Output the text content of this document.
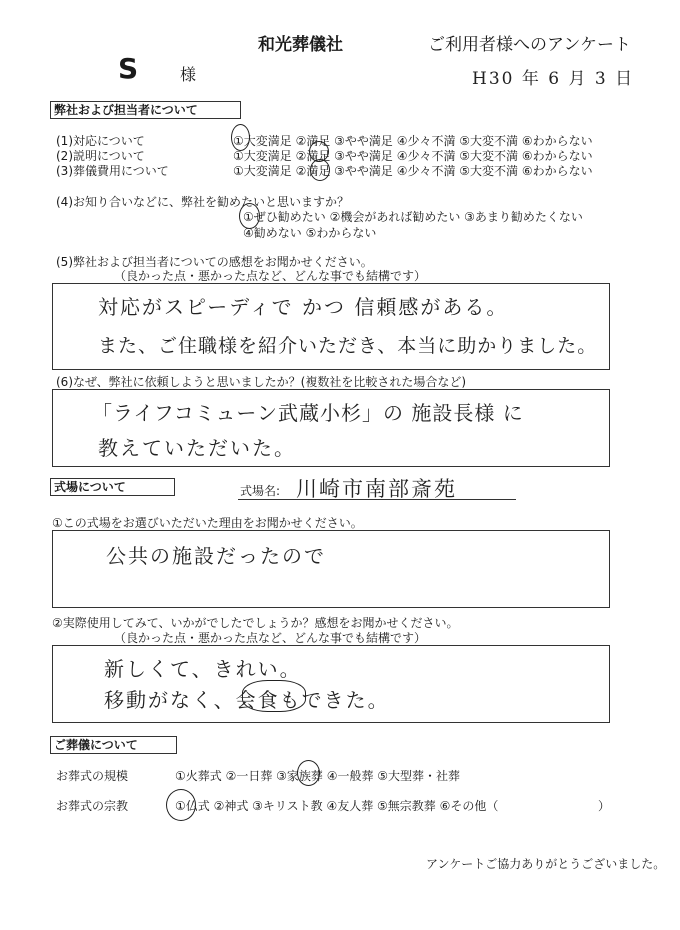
和光葬儀社	ご利用者様へのアンケート
S	様	H30 年 6 月 3 日
弊社および担当者について
(1)対応について	①大変満足 ②満足 ③やや満足 ④少々不満 ⑤大変不満 ⑥わからない
(2)説明について	①大変満足 ②満足 ③やや満足 ④少々不満 ⑤大変不満 ⑥わからない
(3)葬儀費用について	①大変満足 ②満足 ③やや満足 ④少々不満 ⑤大変不満 ⑥わからない
(4)お知り合いなどに、弊社を勧めたいと思いますか？
①ぜひ勧めたい ②機会があれば勧めたい ③あまり勧めたくない
④勧めない ⑤わからない
(5)弊社および担当者についての感想をお聞かせください。
（良かった点・悪かった点など、どんな事でも結構です）
対応がスピーディで かつ 信頼感がある。
また、ご住職様を紹介いただき、本当に助かりました。
(6)なぜ、弊社に依頼しようと思いましたか？(複数社を比較された場合など)
「ライフコミューン武蔵小杉」の 施設長様 に
教えていただいた。
式場について	式場名: 川崎市南部斎苑
①この式場をお選びいただいた理由をお聞かせください。
公共の施設だったので
②実際使用してみて、いかがでしたでしょうか？感想をお聞かせください。
（良かった点・悪かった点など、どんな事でも結構です）
新しくて、きれい。
移動がなく、会食もできた。
ご葬儀について
お葬式の規模	①火葬式 ②一日葬 ③家族葬 ④一般葬 ⑤大型葬・社葬
お葬式の宗教	①仏式 ②神式 ③キリスト教 ④友人葬 ⑤無宗教葬 ⑥その他（	）
アンケートご協力ありがとうございました。
